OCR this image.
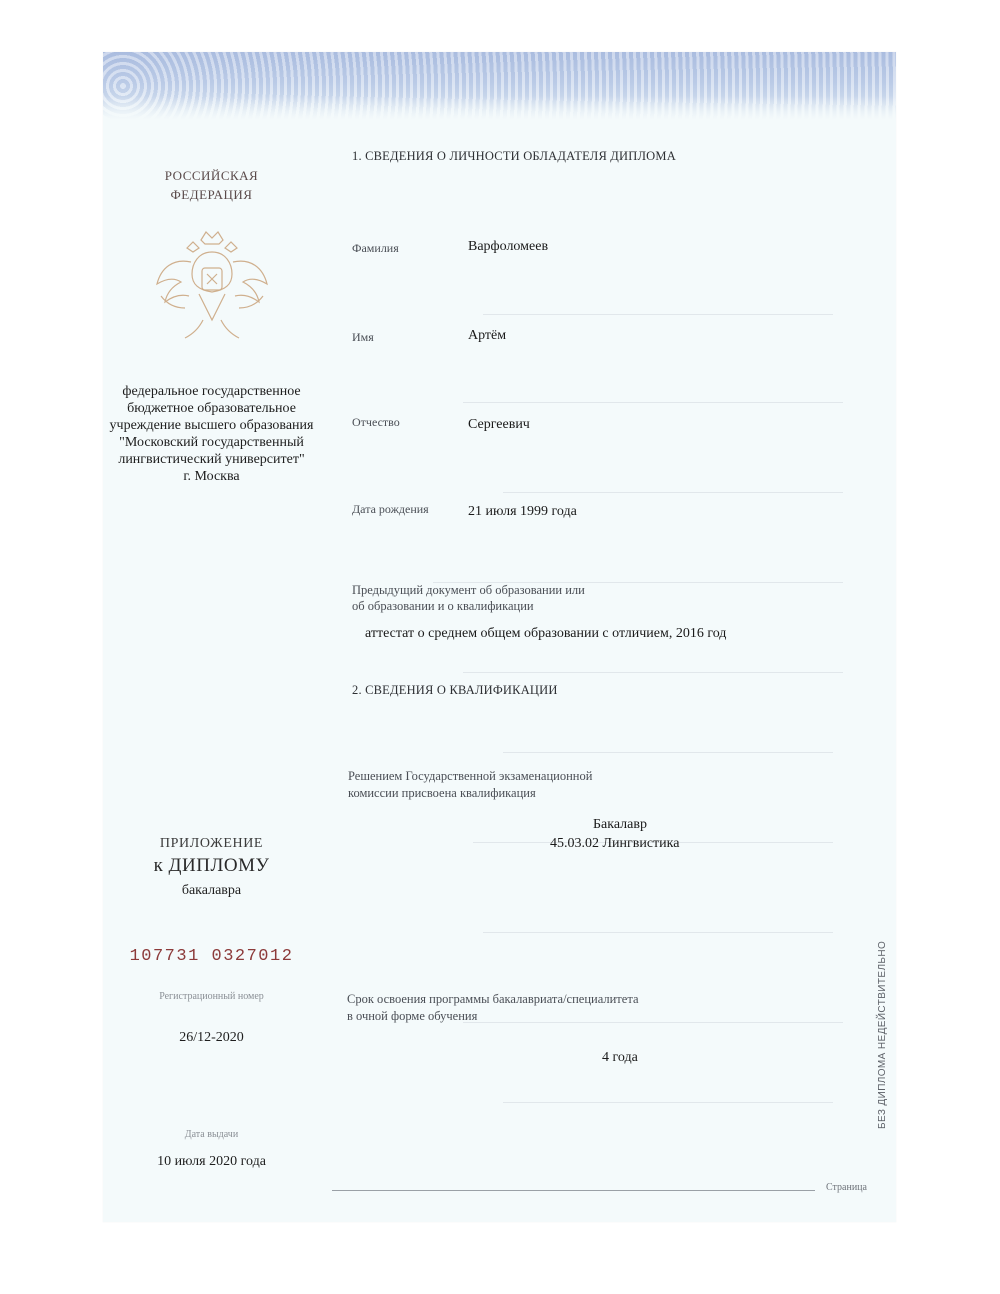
РОССИЙСКАЯ
ФЕДЕРАЦИЯ
федеральное государственное
бюджетное образовательное
учреждение высшего образования
"Московский государственный
лингвистический университет"
г. Москва
ПРИЛОЖЕНИЕ
к ДИПЛОМУ
бакалавра
107731 0327012
Регистрационный номер
26/12-2020
Дата выдачи
10 июля 2020 года
1. СВЕДЕНИЯ О ЛИЧНОСТИ ОБЛАДАТЕЛЯ ДИПЛОМА
Фамилия	Варфоломеев
Имя	Артём
Отчество	Сергеевич
Дата рождения	21 июля 1999 года
Предыдущий документ об образовании или
об образовании и о квалификации
аттестат о среднем общем образовании с отличием, 2016 год
2. СВЕДЕНИЯ О КВАЛИФИКАЦИИ
Решением Государственной экзаменационной
комиссии присвоена квалификация
Бакалавр
45.03.02 Лингвистика
Срок освоения программы бакалавриата/специалитета
в очной форме обучения
4 года	БЕЗ ДИПЛОМА НЕДЕЙСТВИТЕЛЬНО
Страница
